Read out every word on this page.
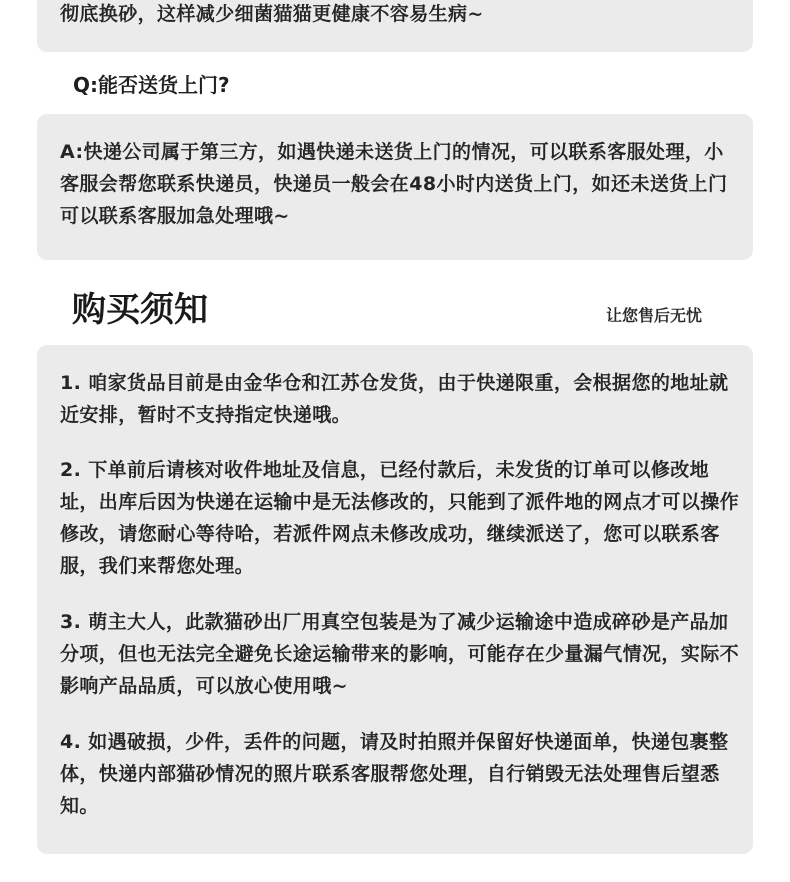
彻底换砂，这样减少细菌猫猫更健康不容易生病~

Q:能否送货上门?

A:快递公司属于第三方，如遇快递未送货上门的情况，可以联系客服处理，小客服会帮您联系快递员，快递员一般会在48小时内送货上门，如还未送货上门可以联系客服加急处理哦~

购买须知	让您售后无忧

1. 咱家货品目前是由金华仓和江苏仓发货，由于快递限重，会根据您的地址就近安排，暂时不支持指定快递哦。

2. 下单前后请核对收件地址及信息，已经付款后，未发货的订单可以修改地址，出库后因为快递在运输中是无法修改的，只能到了派件地的网点才可以操作修改，请您耐心等待哈，若派件网点未修改成功，继续派送了，您可以联系客服，我们来帮您处理。

3. 萌主大人，此款猫砂出厂用真空包装是为了减少运输途中造成碎砂是产品加分项，但也无法完全避免长途运输带来的影响，可能存在少量漏气情况，实际不影响产品品质，可以放心使用哦~

4. 如遇破损，少件，丢件的问题，请及时拍照并保留好快递面单，快递包裹整体，快递内部猫砂情况的照片联系客服帮您处理，自行销毁无法处理售后望悉知。
